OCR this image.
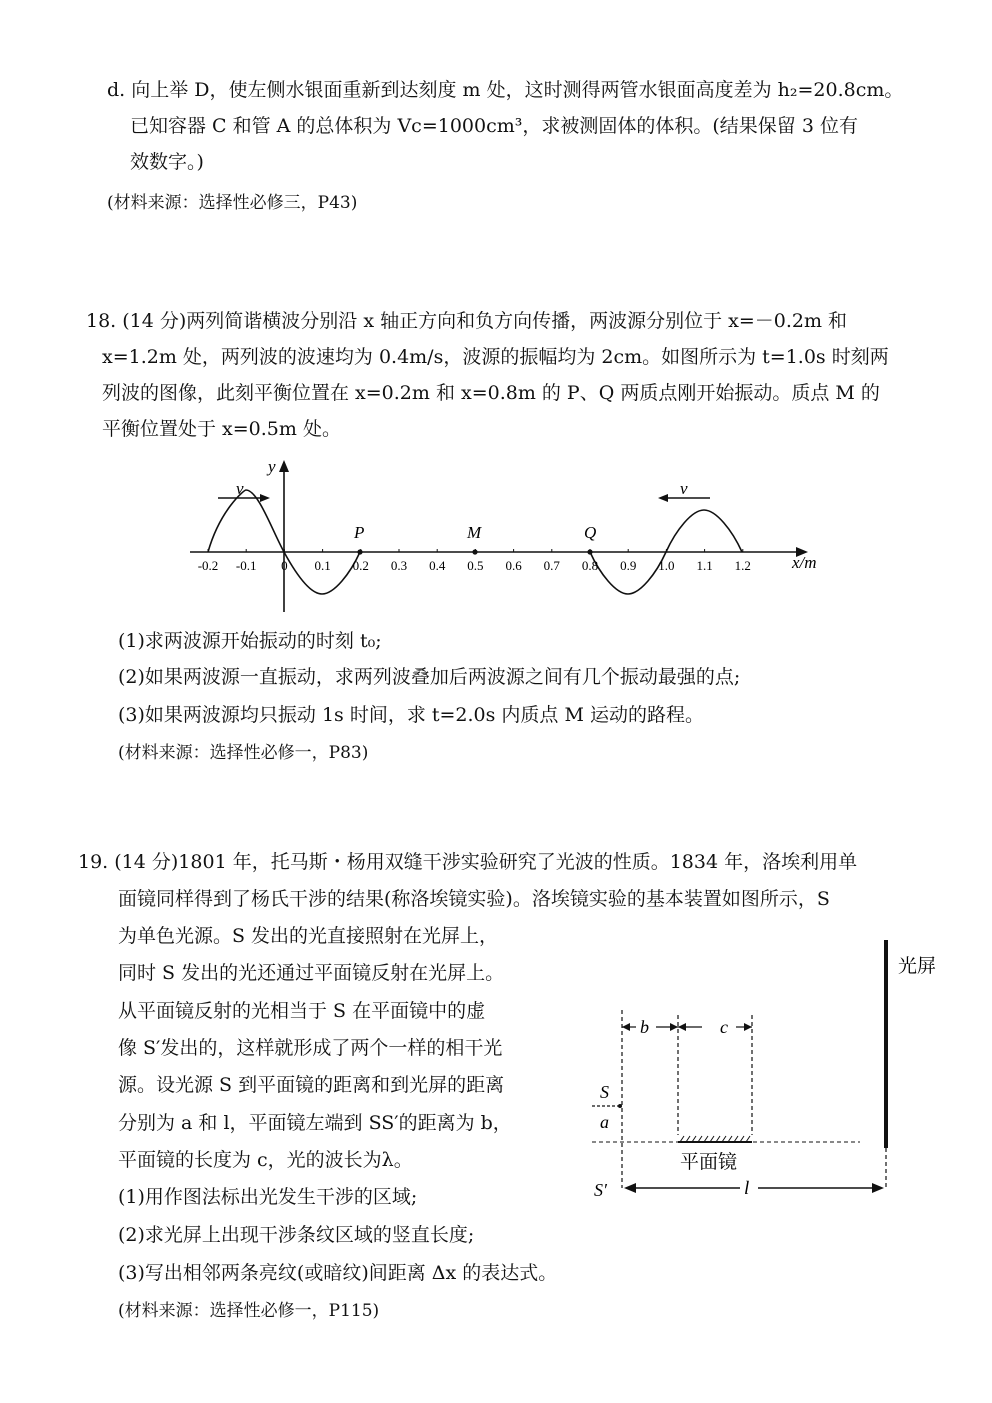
d. 向上举 D，使左侧水银面重新到达刻度 m 处，这时测得两管水银面高度差为 h₂=20.8cm。
已知容器 C 和管 A 的总体积为 Vc=1000cm³，求被测固体的体积。(结果保留 3 位有
效数字。)
(材料来源：选择性必修三，P43)
18. (14 分)两列简谐横波分别沿 x 轴正方向和负方向传播，两波源分别位于 x=－0.2m 和
x=1.2m 处，两列波的波速均为 0.4m/s，波源的振幅均为 2cm。如图所示为 t=1.0s 时刻两
列波的图像，此刻平衡位置在 x=0.2m 和 x=0.8m 的 P、Q 两质点刚开始振动。质点 M 的
平衡位置处于 x=0.5m 处。
y
x/m
v	v
P	M	Q
-0.2 -0.1 0 0.1 0.2 0.3 0.4 0.5 0.6 0.7 0.8 0.9 1.0 1.1 1.2
(1)求两波源开始振动的时刻 t₀;
(2)如果两波源一直振动，求两列波叠加后两波源之间有几个振动最强的点;
(3)如果两波源均只振动 1s 时间，求 t=2.0s 内质点 M 运动的路程。
(材料来源：选择性必修一，P83)
19. (14 分)1801 年，托马斯・杨用双缝干涉实验研究了光波的性质。1834 年，洛埃利用单
面镜同样得到了杨氏干涉的结果(称洛埃镜实验)。洛埃镜实验的基本装置如图所示，S
为单色光源。S 发出的光直接照射在光屏上，
同时 S 发出的光还通过平面镜反射在光屏上。
从平面镜反射的光相当于 S 在平面镜中的虚
像 S′发出的，这样就形成了两个一样的相干光
源。设光源 S 到平面镜的距离和到光屏的距离
分别为 a 和 l，平面镜左端到 SS′的距离为 b，
平面镜的长度为 c，光的波长为λ。
(1)用作图法标出光发生干涉的区域;
(2)求光屏上出现干涉条纹区域的竖直长度;
(3)写出相邻两条亮纹(或暗纹)间距离 Δx 的表达式。
(材料来源：选择性必修一，P115)
光屏
b	c
S
a
平面镜
S′	l
